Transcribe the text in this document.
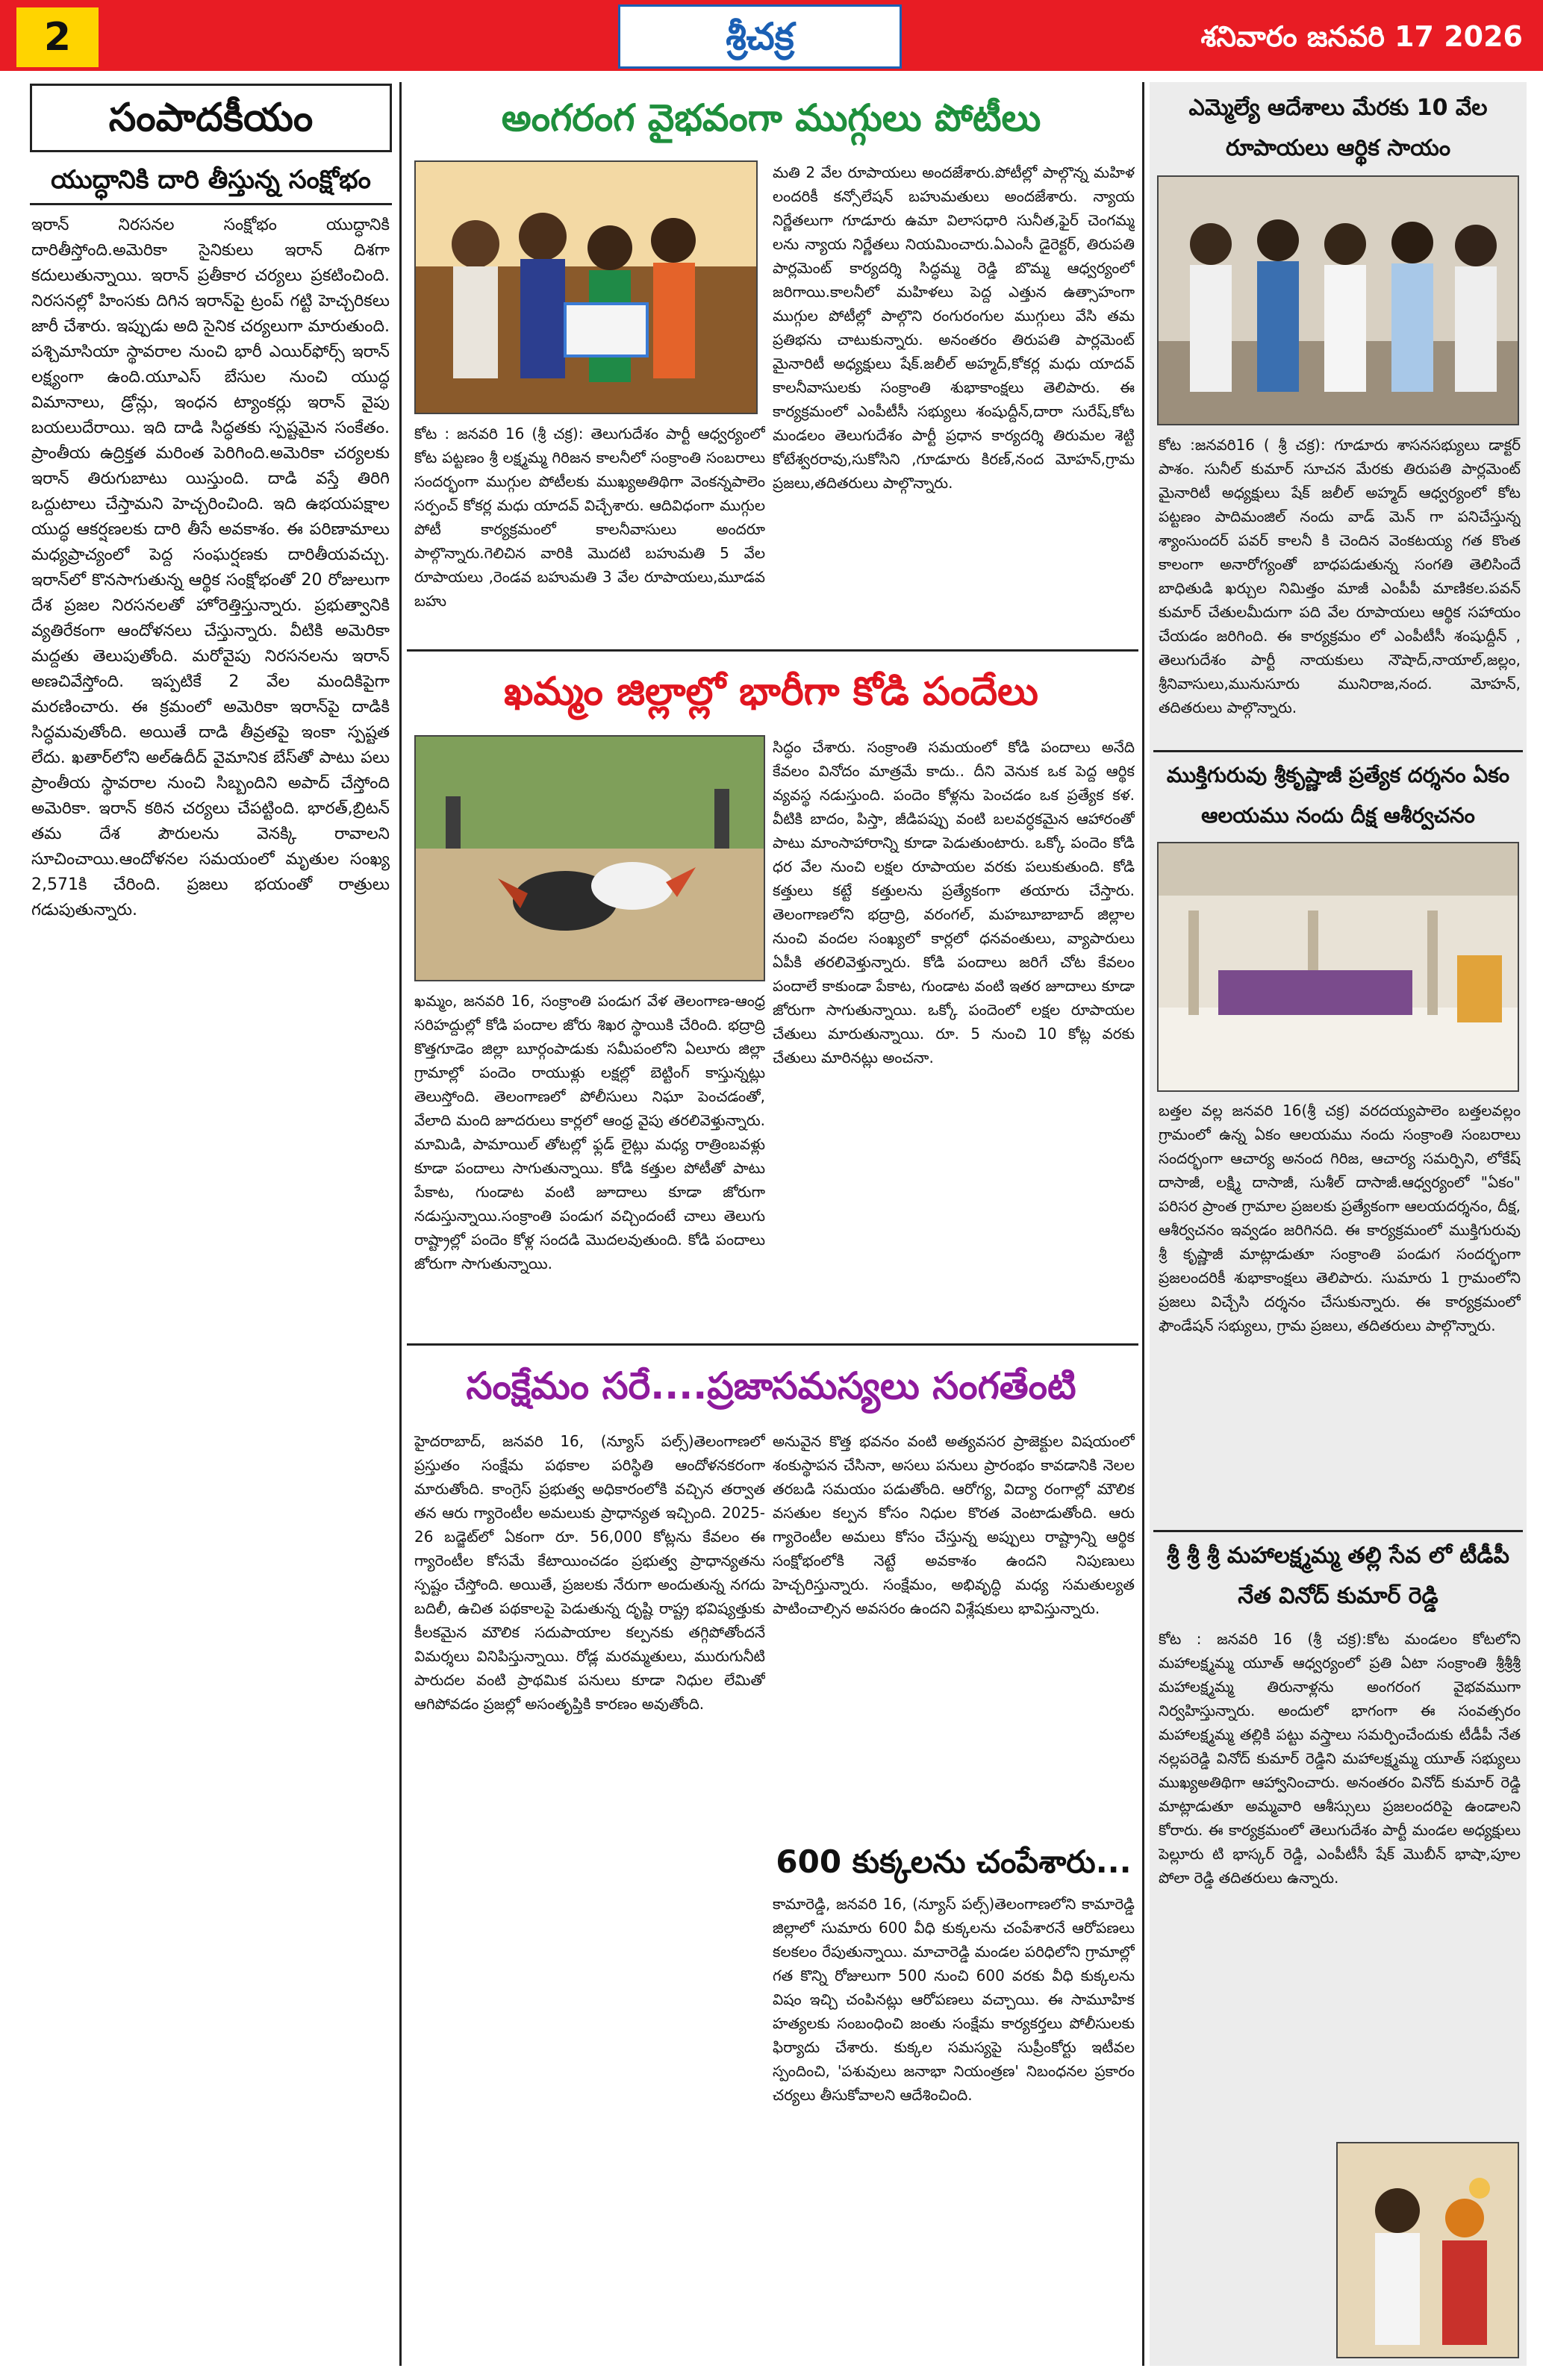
2	శ్రీచక్ర	శనివారం జనవరి 17 2026
సంపాదకీయం
యుద్ధానికి దారి తీస్తున్న సంక్షోభం
ఇరాన్ నిరసనల సంక్షోభం యుద్ధానికి దారితీస్తోంది.అమెరికా సైనికులు ఇరాన్ దిశగా కదులుతున్నాయి. ఇరాన్ ప్రతీకార చర్యలు ప్రకటించింది. నిరసనల్లో హింసకు దిగిన ఇరాన్‌పై ట్రంప్ గట్టి హెచ్చరికలు జారీ చేశారు. ఇప్పుడు అది సైనిక చర్యలుగా మారుతుంది. పశ్చిమాసియా స్థావరాల నుంచి భారీ ఎయిర్‌ఫోర్స్ ఇరాన్ లక్ష్యంగా ఉంది.యూఎస్ బేసుల నుంచి యుద్ధ విమానాలు, డ్రోన్లు, ఇంధన ట్యాంకర్లు ఇరాన్ వైపు బయలుదేరాయి. ఇది దాడి సిద్ధతకు స్పష్టమైన సంకేతం. ప్రాంతీయ ఉద్రిక్తత మరింత పెరిగింది.అమెరికా చర్యలకు ఇరాన్ తిరుగుబాటు యిస్తుంది. దాడి వస్తే తిరిగి ఒద్దుటాలు చేస్తామని హెచ్చరించింది. ఇది ఉభయపక్షాల యుద్ధ ఆకర్షణలకు దారి తీసే అవకాశం. ఈ పరిణామాలు మధ్యప్రాచ్యంలో పెద్ద సంఘర్షణకు దారితీయవచ్చు. ఇరాన్‌లో కొనసాగుతున్న ఆర్థిక సంక్షోభంతో 20 రోజులుగా దేశ ప్రజల నిరసనలతో హోరెత్తిస్తున్నారు. ప్రభుత్వానికి వ్యతిరేకంగా ఆందోళనలు చేస్తున్నారు. వీటికి అమెరికా మద్దతు తెలుపుతోంది. మరోవైపు నిరసనలను ఇరాన్ అణచివేస్తోంది. ఇప్పటికే 2 వేల మందికిపైగా మరణించారు. ఈ క్రమంలో అమెరికా ఇరాన్‌పై దాడికి సిద్ధమవుతోంది. అయితే దాడి తీవ్రతపై ఇంకా స్పష్టత లేదు. ఖతార్‌లోని అల్‌ఉదీద్ వైమానిక బేస్‌తో పాటు పలు ప్రాంతీయ స్థావరాల నుంచి సిబ్బందిని అపాద్ చేస్తోంది అమెరికా. ఇరాన్ కఠిన చర్యలు చేపట్టింది. భారత్,బ్రిటన్ తమ దేశ పౌరులను వెనక్కి రావాలని సూచించాయి.ఆందోళనల సమయంలో మృతుల సంఖ్య 2,571కి చేరింది. ప్రజలు భయంతో రాత్రులు గడుపుతున్నారు.
అంగరంగ వైభవంగా ముగ్గులు పోటీలు
కోట : జనవరి 16 (శ్రీ చక్ర): తెలుగుదేశం పార్టీ ఆధ్వర్యంలో కోట పట్టణం శ్రీ లక్ష్మమ్మ గిరిజన కాలనీలో సంక్రాంతి సంబరాలు సందర్భంగా ముగ్గుల పోటీలకు ముఖ్యఅతిథిగా వెంకన్నపాలెం సర్పంచ్ కోకర్ల మధు యాదవ్ విచ్చేశారు. ఆదివిధంగా ముగ్గుల పోటీ కార్యక్రమంలో కాలనీవాసులు అందరూ పాల్గొన్నారు.గెలిచిన వారికి మొదటి బహుమతి 5 వేల రూపాయలు ,రెండవ బహుమతి 3 వేల రూపాయలు,మూడవ బహు
మతి 2 వేల రూపాయలు అందజేశారు.పోటీల్లో పాల్గొన్న మహిళ లందరికీ కన్సోలేషన్ బహుమతులు అందజేశారు. న్యాయ నిర్ణేతలుగా గూడూరు ఉమా విలాసధారి సునీత,ఫైర్ చెంగమ్మ లను న్యాయ నిర్ణేతలు నియమించారు.ఏఎంసీ డైరెక్టర్, తిరుపతి పార్లమెంట్ కార్యదర్శి సిద్ధమ్మ రెడ్డి బొమ్మ ఆధ్వర్యంలో జరిగాయి.కాలనీలో మహిళలు పెద్ద ఎత్తున ఉత్సాహంగా ముగ్గుల పోటీల్లో పాల్గొని రంగురంగుల ముగ్గులు వేసి తమ ప్రతిభను చాటుకున్నారు. అనంతరం తిరుపతి పార్లమెంట్ మైనారిటీ అధ్యక్షులు షేక్.జలీల్ అహ్మద్,కోకర్ల మధు యాదవ్ కాలనీవాసులకు సంక్రాంతి శుభాకాంక్షలు తెలిపారు. ఈ కార్యక్రమంలో ఎంపీటీసీ సభ్యులు శంషుద్దీన్,దారా సురేష్,కోట మండలం తెలుగుదేశం పార్టీ ప్రధాన కార్యదర్శి తిరుమల శెట్టి కోటేశ్వరరావు,సుకోసిని ,గూడూరు కిరణ్,నంద మోహన్,గ్రామ ప్రజలు,తదితరులు పాల్గొన్నారు.
ఖమ్మం జిల్లాల్లో భారీగా కోడి పందేలు
ఖమ్మం, జనవరి 16, సంక్రాంతి పండుగ వేళ తెలంగాణ-ఆంధ్ర సరిహద్దుల్లో కోడి పందాల జోరు శిఖర స్థాయికి చేరింది. భద్రాద్రి కొత్తగూడెం జిల్లా బూర్గంపాడుకు సమీపంలోని ఏలూరు జిల్లా గ్రామాల్లో పందెం రాయుళ్లు లక్షల్లో బెట్టింగ్ కాస్తున్నట్లు తెలుస్తోంది. తెలంగాణలో పోలీసులు నిఘా పెంచడంతో, వేలాది మంది జూదరులు కార్లలో ఆంధ్ర వైపు తరలివెళ్తున్నారు. మామిడి, పామాయిల్ తోటల్లో ఫ్లడ్ లైట్లు మధ్య రాత్రింబవళ్లు కూడా పందాలు సాగుతున్నాయి. కోడి కత్తుల పోటీతో పాటు పేకాట, గుండాట వంటి జూదాలు కూడా జోరుగా నడుస్తున్నాయి.సంక్రాంతి పండుగ వచ్చిందంటే చాలు తెలుగు రాష్ట్రాల్లో పందెం కోళ్ల సందడి మొదలవుతుంది. కోడి పందాలు జోరుగా సాగుతున్నాయి.
సిద్ధం చేశారు. సంక్రాంతి సమయంలో కోడి పందాలు అనేది కేవలం వినోదం మాత్రమే కాదు.. దీని వెనుక ఒక పెద్ద ఆర్థిక వ్యవస్థ నడుస్తుంది. పందెం కోళ్లను పెంచడం ఒక ప్రత్యేక కళ. వీటికి బాదం, పిస్తా, జీడిపప్పు వంటి బలవర్ధకమైన ఆహారంతో పాటు మాంసాహారాన్ని కూడా పెడుతుంటారు. ఒక్కో పందెం కోడి ధర వేల నుంచి లక్షల రూపాయల వరకు పలుకుతుంది. కోడి కత్తులు కట్టే కత్తులను ప్రత్యేకంగా తయారు చేస్తారు. తెలంగాణలోని భద్రాద్రి, వరంగల్, మహబూబాబాద్ జిల్లాల నుంచి వందల సంఖ్యలో కార్లలో ధనవంతులు, వ్యాపారులు ఏపీకి తరలివెళ్తున్నారు. కోడి పందాలు జరిగే చోట కేవలం పందాలే కాకుండా పేకాట, గుండాట వంటి ఇతర జూదాలు కూడా జోరుగా సాగుతున్నాయి. ఒక్కో పందెంలో లక్షల రూపాయల చేతులు మారుతున్నాయి. రూ. 5 నుంచి 10 కోట్ల వరకు చేతులు మారినట్లు అంచనా.
సంక్షేమం సరే....ప్రజాసమస్యలు సంగతేంటి
హైదరాబాద్, జనవరి 16, (న్యూస్ పల్స్)తెలంగాణలో ప్రస్తుతం సంక్షేమ పథకాల పరిస్థితి ఆందోళనకరంగా మారుతోంది. కాంగ్రెస్ ప్రభుత్వ అధికారంలోకి వచ్చిన తర్వాత తన ఆరు గ్యారెంటీల అమలుకు ప్రాధాన్యత ఇచ్చింది. 2025-26 బడ్జెట్‌లో ఏకంగా రూ. 56,000 కోట్లను కేవలం ఈ గ్యారెంటీల కోసమే కేటాయించడం ప్రభుత్వ ప్రాధాన్యతను స్పష్టం చేస్తోంది. అయితే, ప్రజలకు నేరుగా అందుతున్న నగదు బదిలీ, ఉచిత పథకాలపై పెడుతున్న దృష్టి రాష్ట్ర భవిష్యత్తుకు కీలకమైన మౌలిక సదుపాయాల కల్పనకు తగ్గిపోతోందనే విమర్శలు వినిపిస్తున్నాయి. రోడ్ల మరమ్మతులు, మురుగునీటి పారుదల వంటి ప్రాథమిక పనులు కూడా నిధుల లేమితో ఆగిపోవడం ప్రజల్లో అసంతృప్తికి కారణం అవుతోంది.
అనువైన కొత్త భవనం వంటి అత్యవసర ప్రాజెక్టుల విషయంలో శంకుస్థాపన చేసినా, అసలు పనులు ప్రారంభం కావడానికి నెలల తరబడి సమయం పడుతోంది. ఆరోగ్య, విద్యా రంగాల్లో మౌలిక వసతుల కల్పన కోసం నిధుల కొరత వెంటాడుతోంది. ఆరు గ్యారెంటీల అమలు కోసం చేస్తున్న అప్పులు రాష్ట్రాన్ని ఆర్థిక సంక్షోభంలోకి నెట్టే అవకాశం ఉందని నిపుణులు హెచ్చరిస్తున్నారు. సంక్షేమం, అభివృద్ధి మధ్య సమతుల్యత పాటించాల్సిన అవసరం ఉందని విశ్లేషకులు భావిస్తున్నారు.
600 కుక్కలను చంపేశారు...
కామారెడ్డి, జనవరి 16, (న్యూస్ పల్స్)తెలంగాణలోని కామారెడ్డి జిల్లాలో సుమారు 600 వీధి కుక్కలను చంపేశారనే ఆరోపణలు కలకలం రేపుతున్నాయి. మాచారెడ్డి మండల పరిధిలోని గ్రామాల్లో గత కొన్ని రోజులుగా 500 నుంచి 600 వరకు వీధి కుక్కలను విషం ఇచ్చి చంపినట్లు ఆరోపణలు వచ్చాయి. ఈ సామూహిక హత్యలకు సంబంధించి జంతు సంక్షేమ కార్యకర్తలు పోలీసులకు ఫిర్యాదు చేశారు. కుక్కల సమస్యపై సుప్రీంకోర్టు ఇటీవల స్పందించి, 'పశువులు జనాభా నియంత్రణ' నిబంధనల ప్రకారం చర్యలు తీసుకోవాలని ఆదేశించింది.
ఎమ్మెల్యే ఆదేశాలు మేరకు 10 వేల రూపాయలు ఆర్థిక సాయం
కోట :జనవరి16 ( శ్రీ చక్ర): గూడూరు శాసనసభ్యులు డాక్టర్ పాశం. సునీల్ కుమార్ సూచన మేరకు తిరుపతి పార్లమెంట్ మైనారిటీ అధ్యక్షులు షేక్ జలీల్ అహ్మద్ ఆధ్వర్యంలో కోట పట్టణం పాదిమంజిల్ నందు వాడ్ మెన్ గా పనిచేస్తున్న శ్యాంసుందర్ పవర్ కాలనీ కి చెందిన వెంకటయ్య గత కొంత కాలంగా అనారోగ్యంతో బాధపడుతున్న సంగతి తెలిసిందే బాధితుడి ఖర్చుల నిమిత్తం మాజీ ఎంపీపీ మాణికల.పవన్ కుమార్ చేతులమీదుగా పది వేల రూపాయలు ఆర్థిక సహాయం చేయడం జరిగింది. ఈ కార్యక్రమం లో ఎంపీటీసీ శంషుద్దీన్ , తెలుగుదేశం పార్టీ నాయకులు నౌషాద్,నాయాల్,జల్లం, శ్రీనివాసులు,మునుసూరు మునిరాజ,నంద. మోహన్, తదితరులు పాల్గొన్నారు.
ముక్తిగురువు శ్రీకృష్ణాజీ ప్రత్యేక దర్శనం ఏకం ఆలయము నందు దీక్ష ఆశీర్వచనం
బత్తల వల్ల జనవరి 16(శ్రీ చక్ర) వరదయ్యపాలెం బత్తలవల్లం గ్రామంలో ఉన్న ఏకం ఆలయము నందు సంక్రాంతి సంబరాలు సందర్భంగా ఆచార్య అనంద గిరిజ, ఆచార్య సమర్పిని, లోకేష్ దాసాజీ, లక్ష్మి దాసాజీ, సుశీల్ దాసాజీ.ఆధ్వర్యంలో "ఏకం" పరిసర ప్రాంత గ్రామాల ప్రజలకు ప్రత్యేకంగా ఆలయదర్శనం, దీక్ష, ఆశీర్వచనం ఇవ్వడం జరిగినది. ఈ కార్యక్రమంలో ముక్తిగురువు శ్రీ కృష్ణాజీ మాట్లాడుతూ సంక్రాంతి పండుగ సందర్భంగా ప్రజలందరికీ శుభాకాంక్షలు తెలిపారు. సుమారు 1 గ్రామంలోని ప్రజలు విచ్చేసి దర్శనం చేసుకున్నారు. ఈ కార్యక్రమంలో ఫౌండేషన్ సభ్యులు, గ్రామ ప్రజలు, తదితరులు పాల్గొన్నారు.
శ్రీ శ్రీ శ్రీ మహాలక్ష్మమ్మ తల్లి సేవ లో టీడీపీ నేత వినోద్ కుమార్ రెడ్డి
కోట : జనవరి 16 (శ్రీ చక్ర):కోట మండలం కోటలోని మహాలక్ష్మమ్మ యూత్ ఆధ్వర్యంలో ప్రతి ఏటా సంక్రాంతి శ్రీశ్రీశ్రీ మహాలక్ష్మమ్మ తిరునాళ్లను అంగరంగ వైభవముగా నిర్వహిస్తున్నారు. అందులో భాగంగా ఈ సంవత్సరం మహాలక్ష్మమ్మ తల్లికి పట్టు వస్త్రాలు సమర్పించేందుకు టీడీపీ నేత నల్లపరెడ్డి వినోద్ కుమార్ రెడ్డిని మహాలక్ష్మమ్మ యూత్ సభ్యులు ముఖ్యఅతిథిగా ఆహ్వానించారు. అనంతరం వినోద్ కుమార్ రెడ్డి మాట్లాడుతూ అమ్మవారి ఆశీస్సులు ప్రజలందరిపై ఉండాలని కోరారు. ఈ కార్యక్రమంలో తెలుగుదేశం పార్టీ మండల అధ్యక్షులు పెల్లూరు టి భాస్కర్ రెడ్డి, ఎంపీటీసీ షేక్ మొబీన్ భాషా,పూల పోలా రెడ్డి తదితరులు ఉన్నారు.
